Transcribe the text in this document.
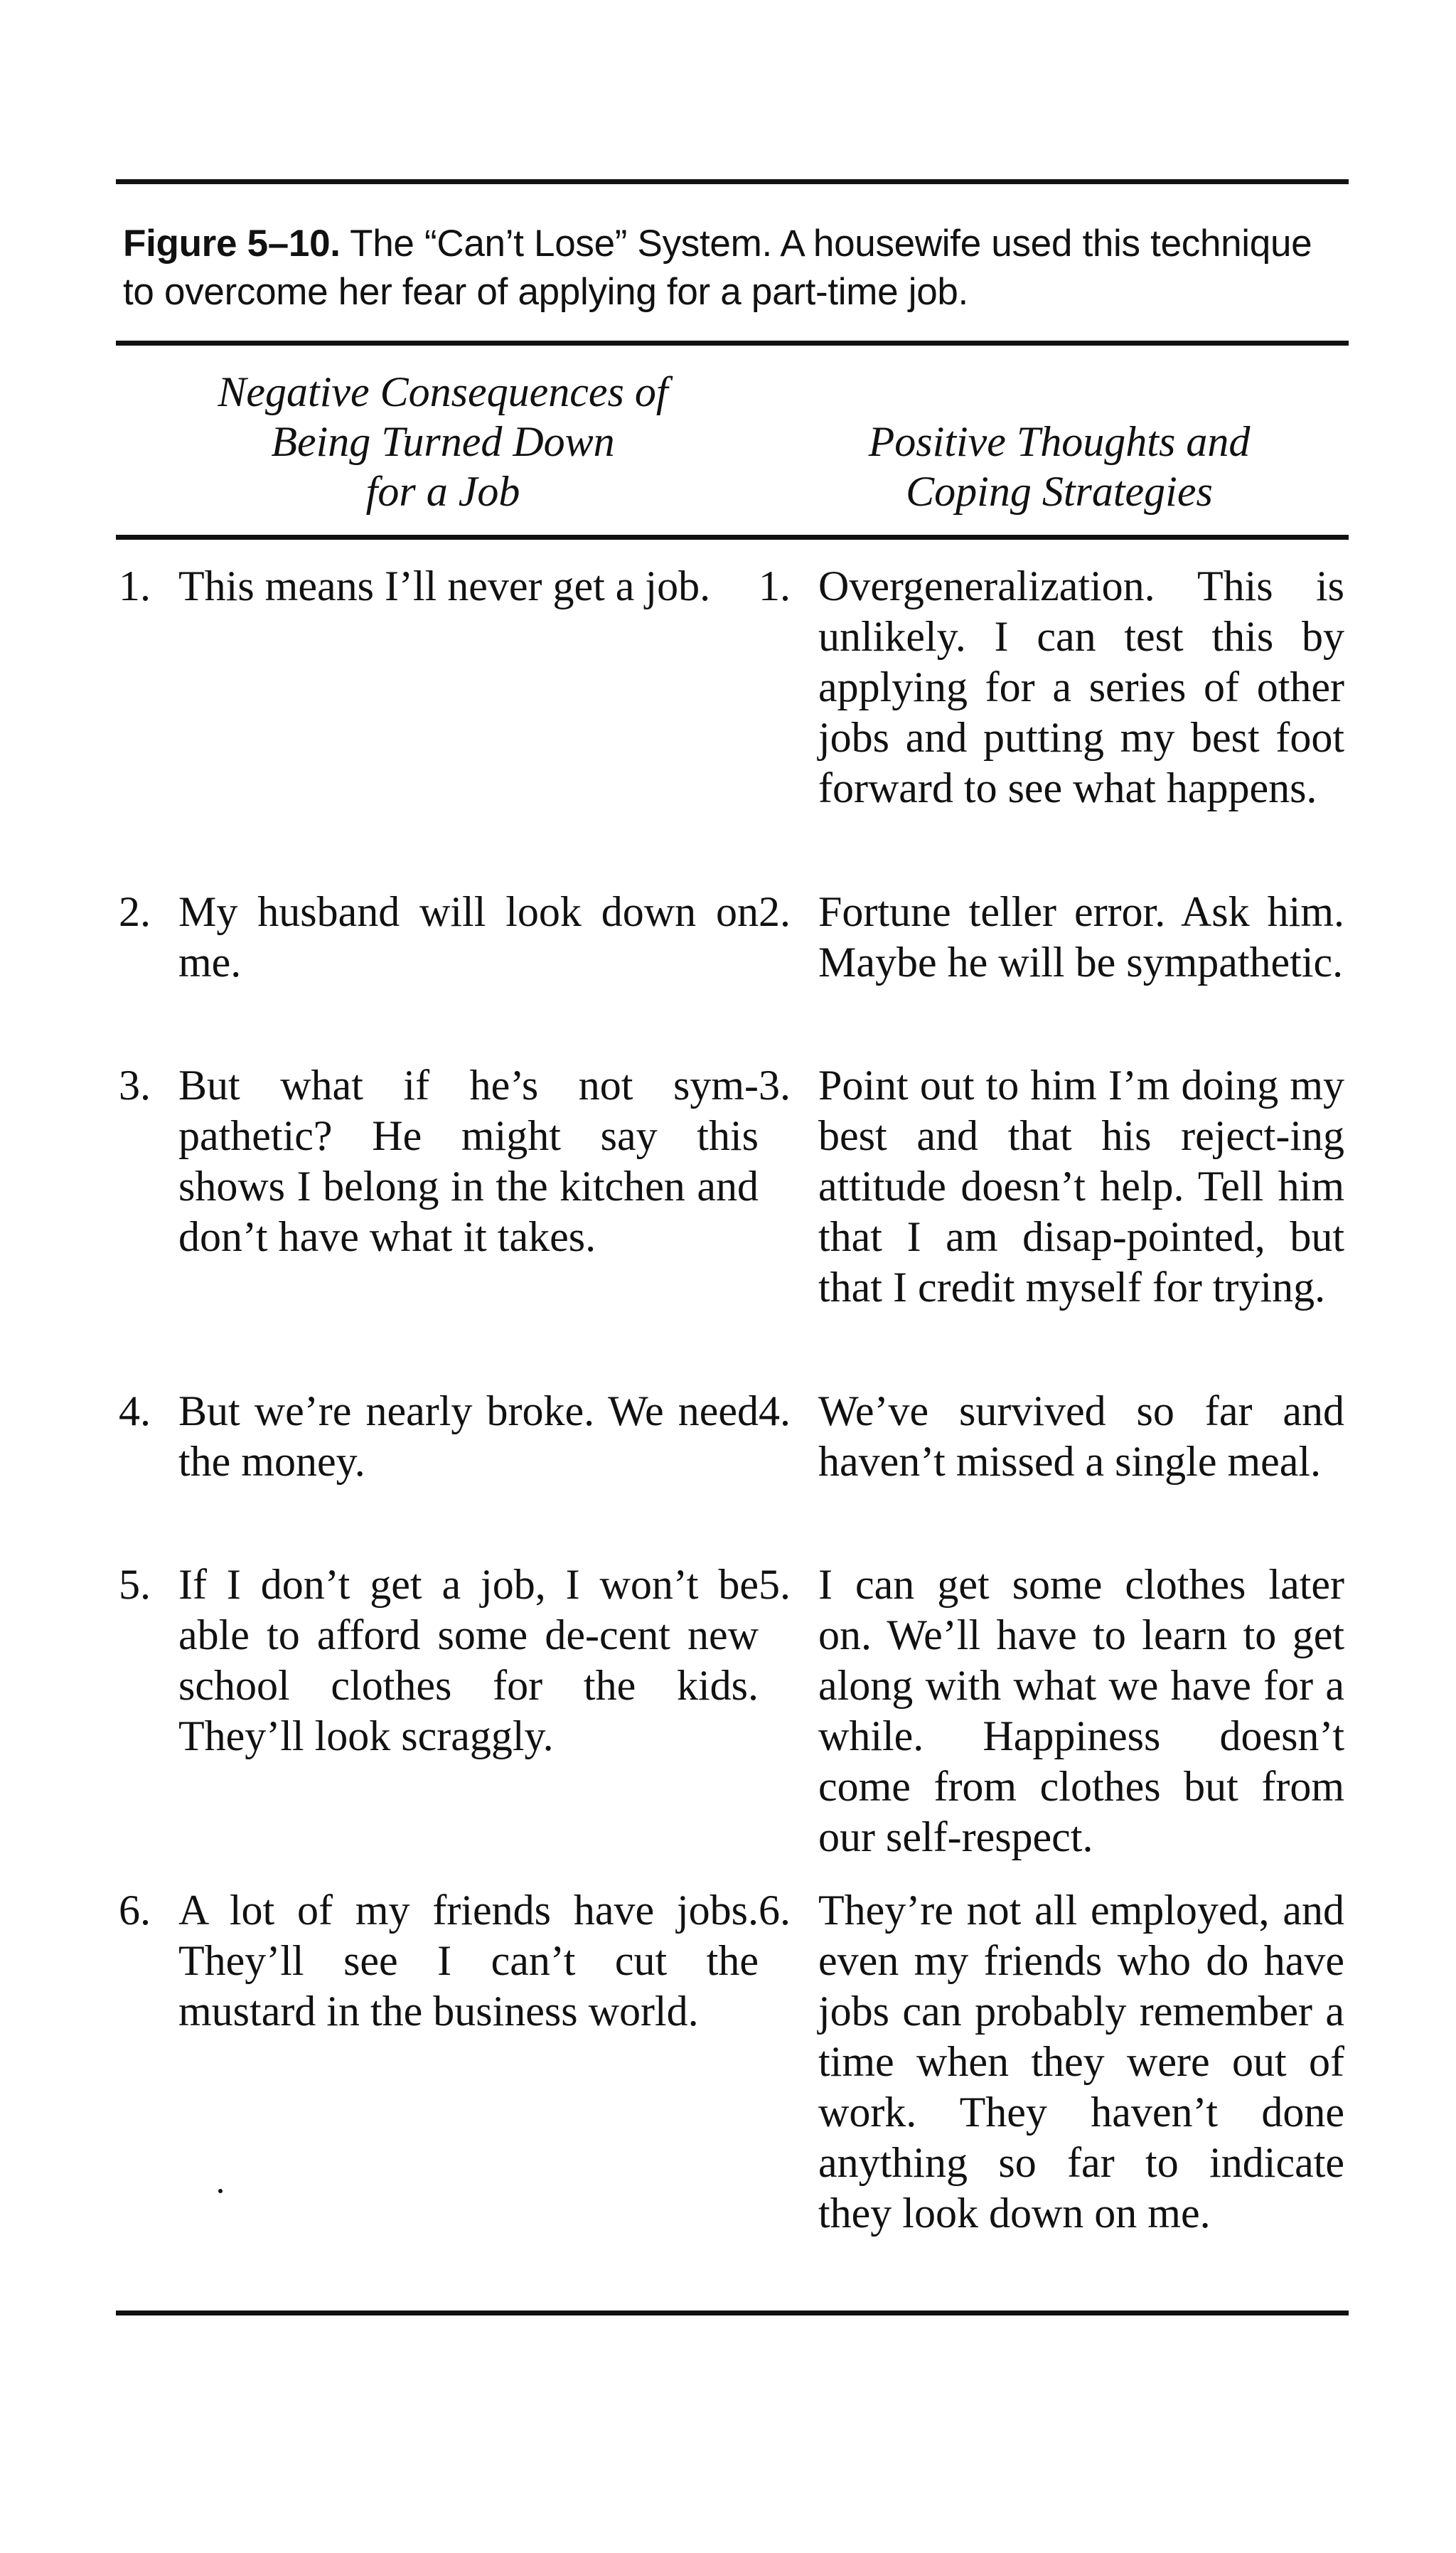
Figure 5–10. The “Can’t Lose” System. A housewife used this technique to overcome her fear of applying for a part-time job.
Negative Consequences of
Being Turned Down
for a Job
Positive Thoughts and
Coping Strategies
1. This means I’ll never get a job.	1. Overgeneralization. This is unlikely. I can test this by applying for a series of other jobs and putting my best foot forward to see what happens.
2. My husband will look down on me.
2. Fortune teller error. Ask him. Maybe he will be sympathetic.
3. But what if he’s not sym-pathetic? He might say this shows I belong in the kitchen and don’t have what it takes.
3. Point out to him I’m doing my best and that his reject-ing attitude doesn’t help. Tell him that I am disap-pointed, but that I credit myself for trying.
4. But we’re nearly broke. We need the money.
4. We’ve survived so far and haven’t missed a single meal.
5. If I don’t get a job, I won’t be able to afford some de-cent new school clothes for the kids. They’ll look scraggly.
5. I can get some clothes later on. We’ll have to learn to get along with what we have for a while. Happiness doesn’t come from clothes but from our self-respect.
6. A lot of my friends have jobs. They’ll see I can’t cut the mustard in the business world.
6. They’re not all employed, and even my friends who do have jobs can probably remember a time when they were out of work. They haven’t done anything so far to indicate they look down on me.
